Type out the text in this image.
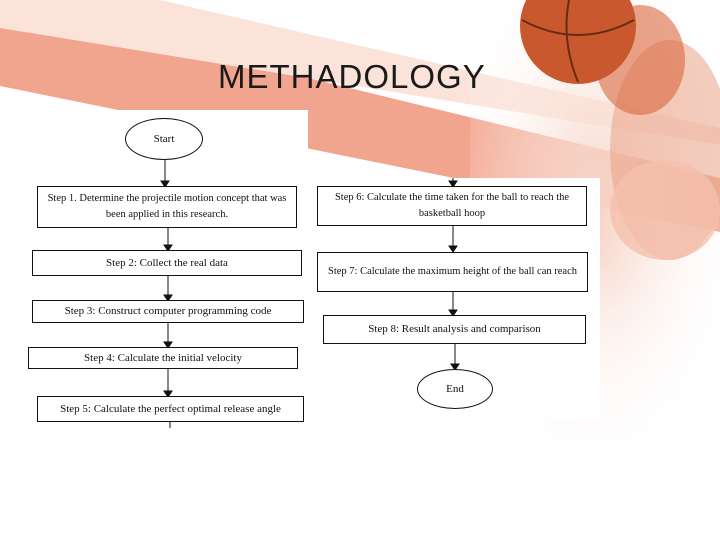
METHADOLOGY
Start
Step 1. Determine the projectile motion concept that was been applied in this research.
Step 2: Collect the real data
Step 3: Construct computer programming code
Step 4: Calculate the initial velocity
Step 5: Calculate the perfect optimal release angle
Step 6: Calculate the time taken for the ball to reach the basketball hoop
Step 7: Calculate the maximum height of the ball can reach
Step 8: Result analysis and comparison
End
